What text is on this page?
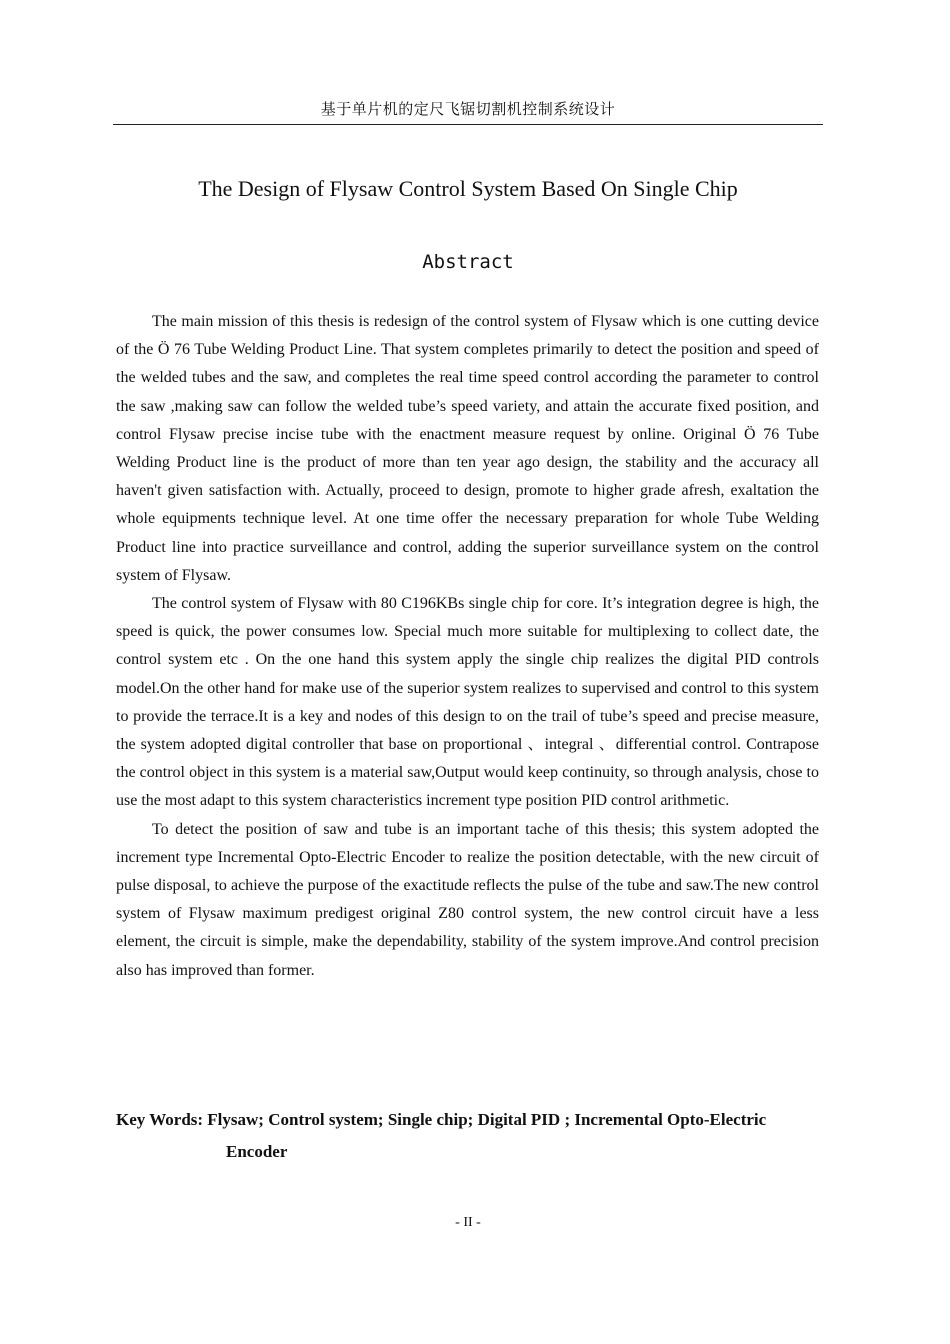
基于单片机的定尺飞锯切割机控制系统设计
The Design of Flysaw Control System Based On Single Chip
Abstract

The main mission of this thesis is redesign of the control system of Flysaw which is one cutting device of the Ö 76 Tube Welding Product Line. That system completes primarily to detect the position and speed of the welded tubes and the saw, and completes the real time speed control according the parameter to control the saw ,making saw can follow the welded tube’s speed variety, and attain the accurate fixed position, and control Flysaw precise incise tube with the enactment measure request by online. Original Ö 76 Tube Welding Product line is the product of more than ten year ago design, the stability and the accuracy all haven't given satisfaction with. Actually, proceed to design, promote to higher grade afresh, exaltation the whole equipments technique level. At one time offer the necessary preparation for whole Tube Welding Product line into practice surveillance and control, adding the superior surveillance system on the control system of Flysaw.

The control system of Flysaw with 80 C196KBs single chip for core. It’s integration degree is high, the speed is quick, the power consumes low. Special much more suitable for multiplexing to collect date, the control system etc . On the one hand this system apply the single chip realizes the digital PID controls model.On the other hand for make use of the superior system realizes to supervised and control to this system to provide the terrace.It is a key and nodes of this design to on the trail of tube’s speed and precise measure, the system adopted digital controller that base on proportional 、integral 、differential control. Contrapose the control object in this system is a material saw,Output would keep continuity, so through analysis, chose to use the most adapt to this system characteristics increment type position PID control arithmetic.

To detect the position of saw and tube is an important tache of this thesis; this system adopted the increment type Incremental Opto-Electric Encoder to realize the position detectable, with the new circuit of pulse disposal, to achieve the purpose of the exactitude reflects the pulse of the tube and saw.The new control system of Flysaw maximum predigest original Z80 control system, the new control circuit have a less element, the circuit is simple, make the dependability, stability of the system improve.And control precision also has improved than former.

Key Words: Flysaw; Control system; Single chip; Digital PID ; Incremental Opto-Electric
Encoder
- II -
